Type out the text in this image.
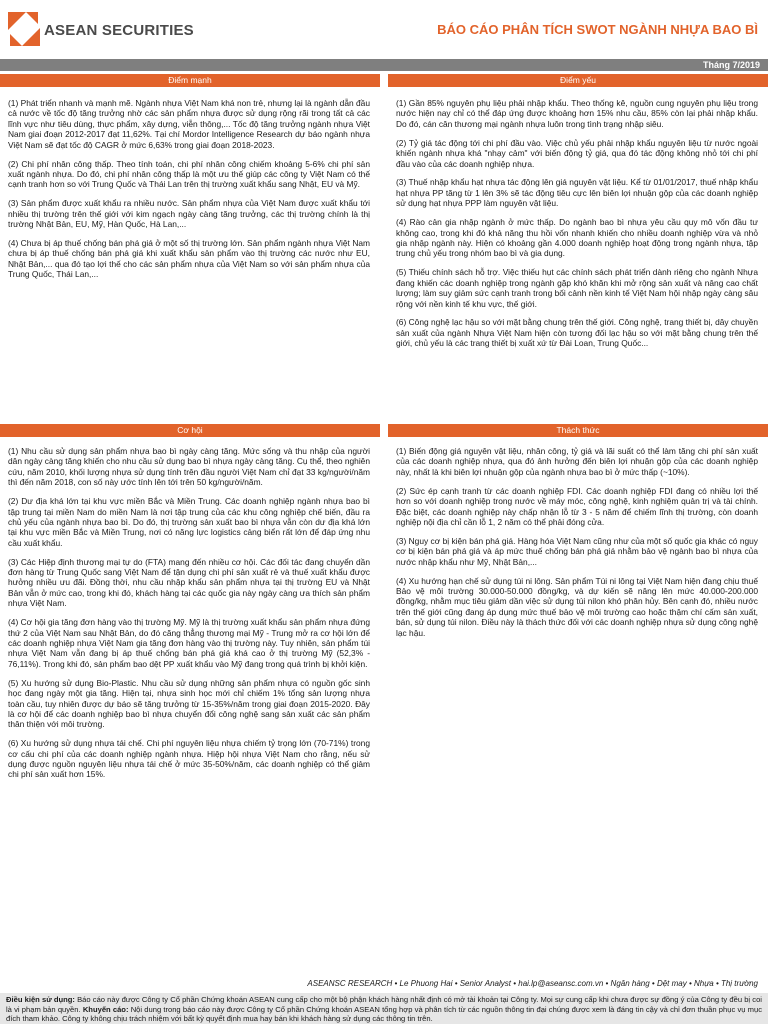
ASEAN SECURITIES	BÁO CÁO PHÂN TÍCH SWOT NGÀNH NHỰA BAO BÌ
Tháng 7/2019
Điểm mạnh	Điểm yếu

(1) Phát triển nhanh và mạnh mẽ. Ngành nhựa Việt Nam khá non trẻ, nhưng lại là ngành dẫn đầu cả nước về tốc độ tăng trưởng nhờ các sản phẩm nhựa được sử dụng rộng rãi trong tất cả các lĩnh vực như tiêu dùng, thực phẩm, xây dựng, viễn thông,... Tốc độ tăng trưởng ngành nhựa Việt Nam giai đoạn 2012-2017 đạt 11,62%. Tại chí Mordor Intelligence Research dự báo ngành nhựa Việt Nam sẽ đạt tốc độ CAGR ở mức 6,63% trong giai đoạn 2018-2023.

(2) Chi phí nhân công thấp. Theo tính toán, chi phí nhân công chiếm khoảng 5-6% chi phí sản xuất ngành nhựa. Do đó, chi phí nhân công thấp là một ưu thế giúp các công ty Việt Nam có thế cạnh tranh hơn so với Trung Quốc và Thái Lan trên thị trường xuất khẩu sang Nhật, EU và Mỹ.

(3) Sản phẩm được xuất khẩu ra nhiều nước. Sản phẩm nhựa của Việt Nam được xuất khẩu tới nhiều thị trường trên thế giới với kim ngạch ngày càng tăng trưởng, các thị trường chính là thị trường Nhật Bản, EU, Mỹ, Hàn Quốc, Hà Lan,...

(4) Chưa bị áp thuế chống bán phá giá ở một số thị trường lớn. Sản phẩm ngành nhựa Việt Nam chưa bị áp thuế chống bán phá giá khi xuất khẩu sản phẩm vào thị trường các nước như EU, Nhật Bản,... qua đó tạo lợi thế cho các sản phẩm nhựa của Việt Nam so với sản phẩm nhựa của Trung Quốc, Thái Lan,...

(1) Gần 85% nguyên phụ liệu phải nhập khẩu. Theo thống kê, nguồn cung nguyên phụ liệu trong nước hiện nay chỉ có thể đáp ứng được khoảng hơn 15% nhu cầu, 85% còn lại phải nhập khẩu. Do đó, cán cân thương mại ngành nhựa luôn trong tình trạng nhập siêu.

(2) Tỷ giá tác động tới chi phí đầu vào. Việc chủ yếu phải nhập khẩu nguyên liệu từ nước ngoài khiến ngành nhựa khá "nhạy cảm" với biến động tỷ giá, qua đó tác động không nhỏ tới chi phí đầu vào của các doanh nghiệp nhựa.

(3) Thuế nhập khẩu hạt nhựa tác động lên giá nguyên vật liệu. Kể từ 01/01/2017, thuế nhập khẩu hạt nhựa PP tăng từ 1 lên 3% sẽ tác động tiêu cực lên biên lợi nhuận gộp của các doanh nghiệp sử dụng hạt nhựa PPP làm nguyên vật liệu.

(4) Rào cản gia nhập ngành ở mức thấp. Do ngành bao bì nhựa yêu cầu quy mô vốn đầu tư không cao, trong khi đó khả năng thu hồi vốn nhanh khiến cho nhiều doanh nghiệp vừa và nhỏ gia nhập ngành này. Hiện có khoảng gần 4.000 doanh nghiệp hoạt động trong ngành nhựa, tập trung chủ yếu trong nhóm bao bì và gia dụng.

(5) Thiếu chính sách hỗ trợ. Việc thiếu hụt các chính sách phát triển dành riêng cho ngành Nhựa đang khiến các doanh nghiệp trong ngành gặp khó khăn khi mở rộng sản xuất và nâng cao chất lượng; làm suy giảm sức cạnh tranh trong bối cảnh nền kinh tế Việt Nam hội nhập ngày càng sâu rộng với nền kinh tế khu vực, thế giới.

(6) Công nghệ lạc hậu so với mặt bằng chung trên thế giới. Công nghệ, trang thiết bị, dây chuyền sản xuất của ngành Nhựa Việt Nam hiện còn tương đối lạc hậu so với mặt bằng chung trên thế giới, chủ yếu là các trang thiết bị xuất xứ từ Đài Loan, Trung Quốc...

Cơ hội	Thách thức

(1) Nhu cầu sử dụng sản phẩm nhựa bao bì ngày càng tăng. Mức sống và thu nhập của người dân ngày càng tăng khiến cho nhu cầu sử dụng bao bì nhựa ngày càng tăng. Cụ thể, theo nghiên cứu, năm 2010, khối lượng nhựa sử dụng tính trên đầu người Việt Nam chỉ đạt 33 kg/người/năm thì đến năm 2018, con số này ước tính lên tới trên 50 kg/người/năm.

(2) Dư địa khá lớn tại khu vực miền Bắc và Miền Trung. Các doanh nghiệp ngành nhựa bao bì tập trung tại miền Nam do miền Nam là nơi tập trung của các khu công nghiệp chế biến, đầu ra chủ yếu của ngành nhựa bao bì. Do đó, thị trường sản xuất bao bì nhựa vẫn còn dư địa khá lớn tại khu vực miền Bắc và Miền Trung, nơi có năng lực logistics cảng biển rất lớn để đáp ứng nhu cầu xuất khẩu.

(3) Các Hiệp định thương mại tự do (FTA) mang đến nhiều cơ hội. Các đối tác đang chuyển dần đơn hàng từ Trung Quốc sang Việt Nam để tận dụng chi phí sản xuất rẻ và thuế xuất khẩu được hưởng nhiều ưu đãi. Đồng thời, nhu cầu nhập khẩu sản phẩm nhựa tại thị trường EU và Nhật Bản vẫn ở mức cao, trong khi đó, khách hàng tại các quốc gia này ngày càng ưa thích sản phẩm nhựa Việt Nam.

(4) Cơ hội gia tăng đơn hàng vào thị trường Mỹ. Mỹ là thị trường xuất khẩu sản phẩm nhựa đứng thứ 2 của Việt Nam sau Nhật Bản, do đó căng thẳng thương mại Mỹ - Trung mở ra cơ hội lớn để các doanh nghiệp nhựa Việt Nam gia tăng đơn hàng vào thị trường này. Tuy nhiên, sản phẩm túi nhựa Việt Nam vẫn đang bị áp thuế chống bán phá giá khá cao ở thị trường Mỹ (52,3% - 76,11%). Trong khi đó, sản phẩm bao dệt PP xuất khẩu vào Mỹ đang trong quá trình bị khởi kiện.

(5) Xu hướng sử dụng Bio-Plastic. Nhu cầu sử dụng những sản phẩm nhựa có nguồn gốc sinh học đang ngày một gia tăng. Hiện tại, nhựa sinh học mới chỉ chiếm 1% tổng sản lượng nhựa toàn cầu, tuy nhiên được dự báo sẽ tăng trưởng từ 15-35%/năm trong giai đoạn 2015-2020. Đây là cơ hội để các doanh nghiệp bao bì nhựa chuyển đổi công nghệ sang sản xuất các sản phẩm thân thiện với môi trường.

(6) Xu hướng sử dụng nhựa tái chế. Chi phí nguyên liệu nhựa chiếm tỷ trọng lớn (70-71%) trong cơ cấu chi phí của các doanh nghiệp ngành nhựa. Hiệp hội nhựa Việt Nam cho rằng, nếu sử dụng được nguồn nguyên liệu nhựa tái chế ở mức 35-50%/năm, các doanh nghiệp có thể giảm chi phí sản xuất hơn 15%.

(1) Biến động giá nguyên vật liệu, nhân công, tỷ giá và lãi suất có thể làm tăng chi phí sản xuất của các doanh nghiệp nhựa, qua đó ảnh hưởng đến biên lợi nhuận gộp của các doanh nghiệp này, nhất là khi biên lợi nhuận gộp của ngành nhựa bao bì ở mức thấp (~10%).

(2) Sức ép cạnh tranh từ các doanh nghiệp FDI. Các doanh nghiệp FDI đang có nhiều lợi thế hơn so với doanh nghiệp trong nước về máy móc, công nghệ, kinh nghiệm quản trị và tài chính. Đặc biệt, các doanh nghiệp này chấp nhận lỗ từ 3 - 5 năm để chiếm lĩnh thị trường, còn doanh nghiệp nội địa chỉ cần lỗ 1, 2 năm có thể phải đóng cửa.

(3) Nguy cơ bị kiện bán phá giá. Hàng hóa Việt Nam cũng như của một số quốc gia khác có nguy cơ bị kiện bán phá giá và áp mức thuế chống bán phá giá nhằm bảo vệ ngành bao bì nhựa của nước nhập khẩu như Mỹ, Nhật Bản,...

(4) Xu hướng hạn chế sử dụng túi ni lông. Sản phẩm Túi ni lông tại Việt Nam hiện đang chịu thuế Bảo vệ môi trường 30.000-50.000 đồng/kg, và dự kiến sẽ nâng lên mức 40.000-200.000 đồng/kg, nhằm mục tiêu giảm dần việc sử dụng túi nilon khó phân hủy. Bên cạnh đó, nhiều nước trên thế giới cũng đang áp dụng mức thuế bảo vệ môi trường cao hoặc thậm chí cấm sản xuất, bán, sử dụng túi nilon. Điều này là thách thức đối với các doanh nghiệp nhựa sử dụng công nghệ lạc hậu.

ASEANSC RESEARCH • Le Phuong Hai • Senior Analyst • hai.lp@aseansc.com.vn • Ngân hàng • Dệt may • Nhựa • Thị trường
Điều kiện sử dụng: Báo cáo này được Công ty Cổ phần Chứng khoán ASEAN cung cấp cho một bộ phận khách hàng nhất định có mở tài khoản tại Công ty. Mọi sự cung cấp khi chưa được sự đồng ý của Công ty đều bị coi là vi phạm bản quyền. Khuyến cáo: Nội dung trong báo cáo này được Công ty Cổ phần Chứng khoán ASEAN tổng hợp và phân tích từ các nguồn thông tin đại chúng được xem là đáng tin cậy và chỉ đơn thuần phục vụ mục đích tham khảo. Công ty không chịu trách nhiệm với bất kỳ quyết định mua hay bán khi khách hàng sử dụng các thông tin trên.
